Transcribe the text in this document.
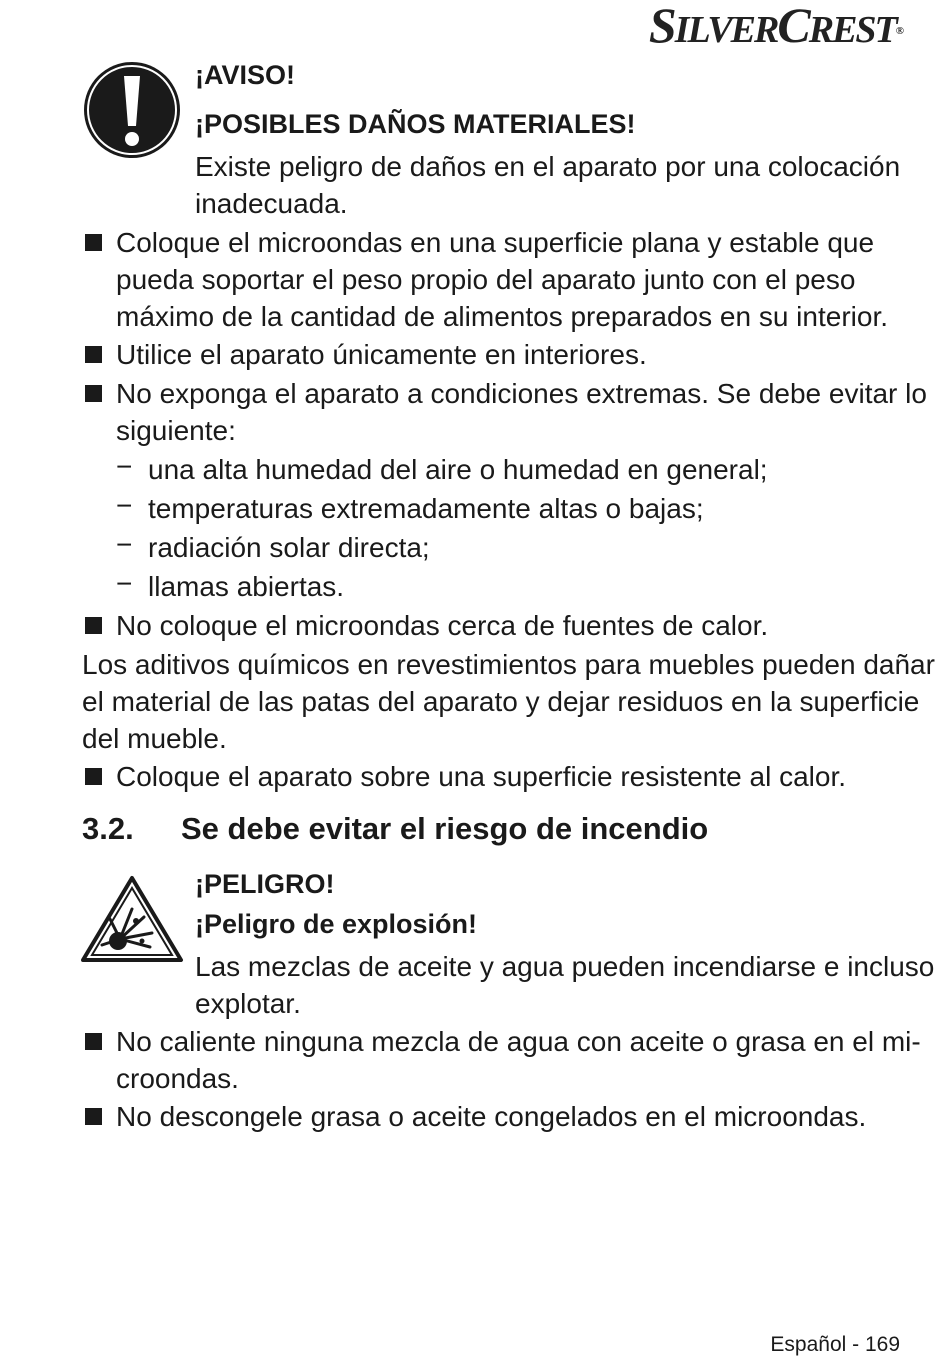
SILVERCREST®
¡AVISO!
¡POSIBLES DAÑOS MATERIALES!
Existe peligro de daños en el aparato por una colocación
inadecuada.
Coloque el microondas en una superficie plana y estable que
pueda soportar el peso propio del aparato junto con el peso
máximo de la cantidad de alimentos preparados en su interior.
Utilice el aparato únicamente en interiores.
No exponga el aparato a condiciones extremas. Se debe evitar lo
siguiente:
− una alta humedad del aire o humedad en general;
− temperaturas extremadamente altas o bajas;
− radiación solar directa;
− llamas abiertas.
No coloque el microondas cerca de fuentes de calor.
Los aditivos químicos en revestimientos para muebles pueden dañar
el material de las patas del aparato y dejar residuos en la superficie
del mueble.
Coloque el aparato sobre una superficie resistente al calor.
3.2. Se debe evitar el riesgo de incendio
¡PELIGRO!
¡Peligro de explosión!
Las mezclas de aceite y agua pueden incendiarse e incluso
explotar.
No caliente ninguna mezcla de agua con aceite o grasa en el mi-
croondas.
No descongele grasa o aceite congelados en el microondas.
Español - 169
